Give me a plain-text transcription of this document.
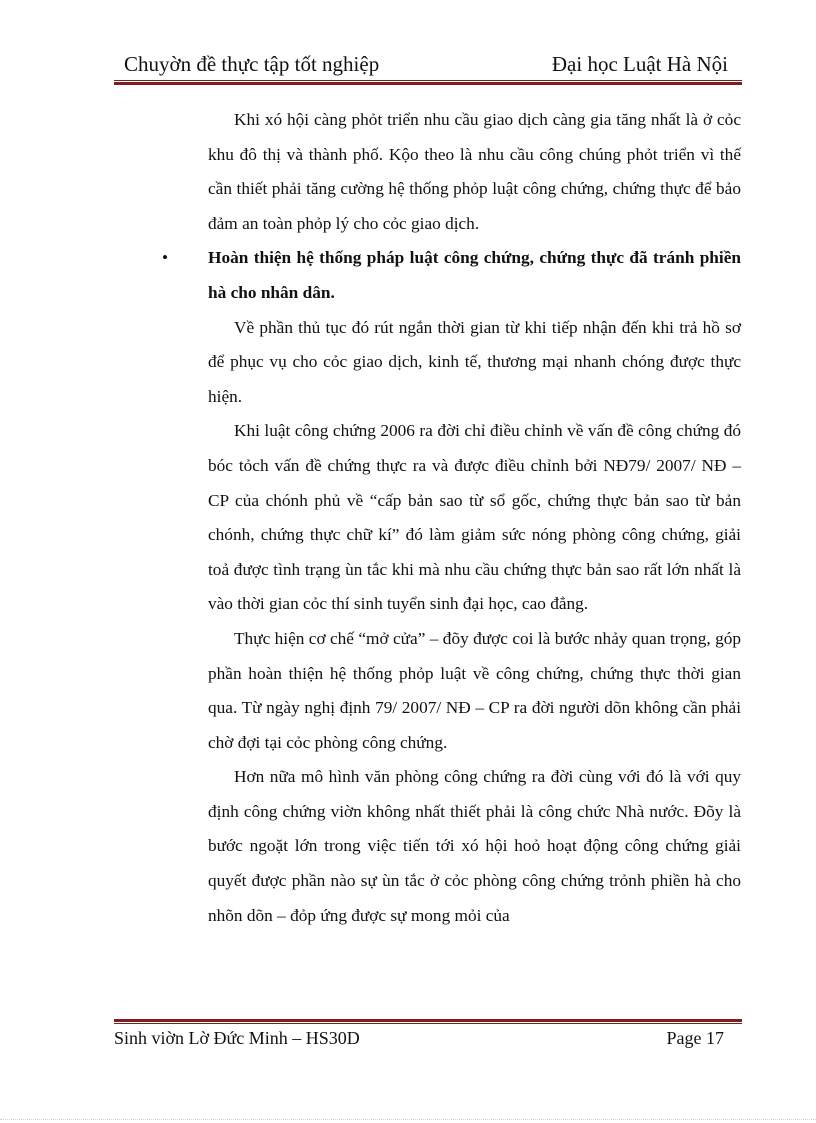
Chuyờn đề thực tập tốt nghiệp	Đại học Luật Hà Nội

Khi xó hội càng phỏt triển nhu cầu giao dịch càng gia tăng nhất là ở cỏc khu đô thị và thành phố. Kộo theo là nhu cầu công chúng phỏt triển vì thế cần thiết phải tăng cường hệ thống phỏp luật công chứng, chứng thực để bảo đảm an toàn phỏp lý cho cỏc giao dịch.

• Hoàn thiện hệ thống pháp luật công chứng, chứng thực đã tránh phiền hà cho nhân dân.

Về phần thủ tục đó rút ngắn thời gian từ khi tiếp nhận đến khi trả hồ sơ để phục vụ cho cỏc giao dịch, kinh tế, thương mại nhanh chóng được thực hiện.

Khi luật công chứng 2006 ra đời chỉ điều chỉnh về vấn đề công chứng đó bóc tỏch vấn đề chứng thực ra và được điều chỉnh bởi NĐ79/ 2007/ NĐ – CP của chónh phủ về “cấp bản sao từ sổ gốc, chứng thực bản sao từ bản chónh, chứng thực chữ kí” đó làm giảm sức nóng phòng công chứng, giải toả được tình trạng ùn tắc khi mà nhu cầu chứng thực bản sao rất lớn nhất là vào thời gian cỏc thí sinh tuyển sinh đại học, cao đẳng.

Thực hiện cơ chế “mở cửa” – đõy được coi là bước nhảy quan trọng, góp phần hoàn thiện hệ thống phỏp luật về công chứng, chứng thực thời gian qua. Từ ngày nghị định 79/ 2007/ NĐ – CP ra đời người dõn không cần phải chờ đợi tại cỏc phòng công chứng.

Hơn nữa mô hình văn phòng công chứng ra đời cùng với đó là với quy định công chứng viờn không nhất thiết phải là công chức Nhà nước. Đõy là bước ngoặt lớn trong việc tiến tới xó hội hoỏ hoạt động công chứng giải quyết được phần nào sự ùn tắc ở cỏc phòng công chứng trỏnh phiền hà cho nhõn dõn – đỏp ứng được sự mong mỏi của

Sinh viờn Lờ Đức Minh – HS30D	Page 17
